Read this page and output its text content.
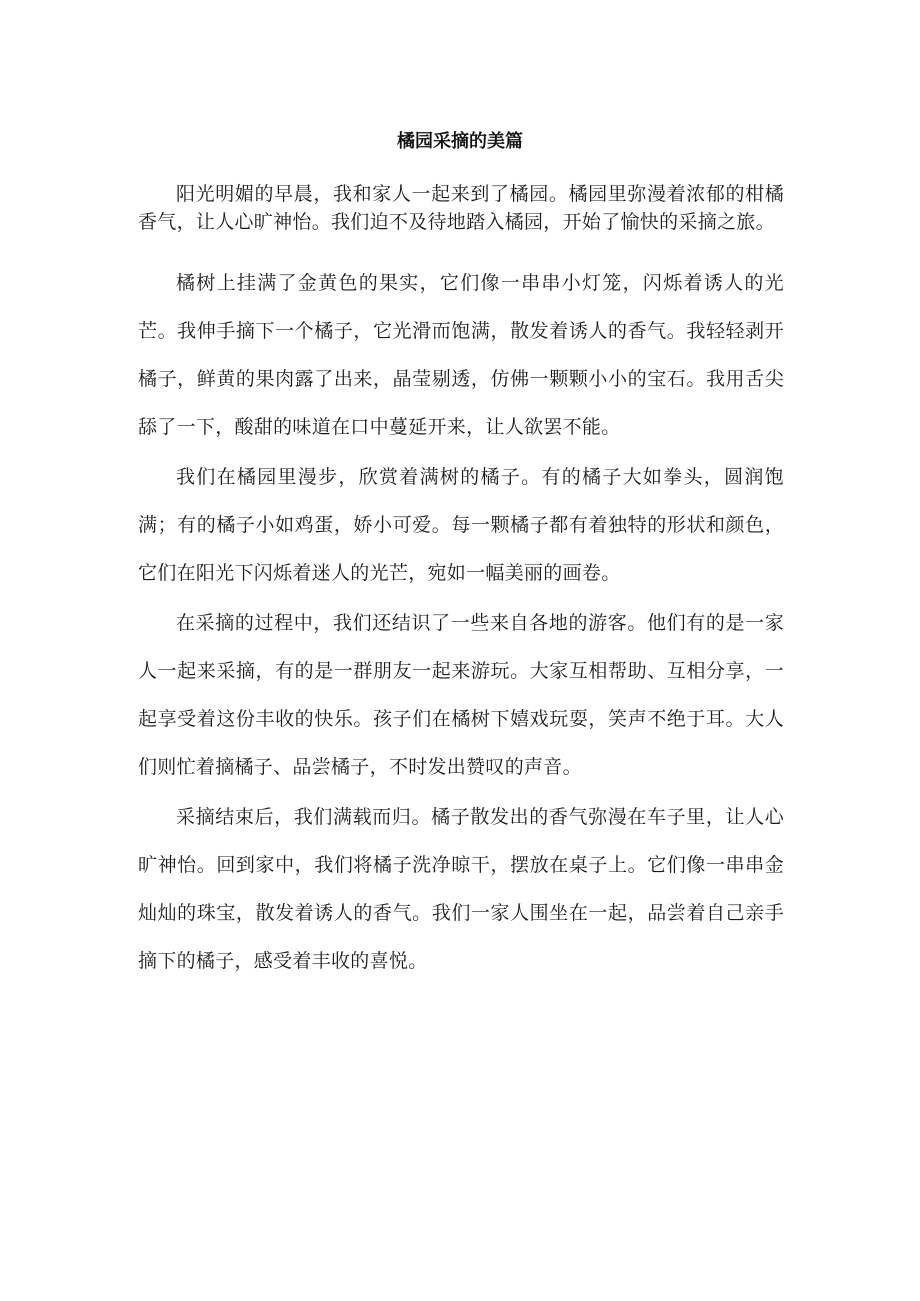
橘园采摘的美篇

阳光明媚的早晨，我和家人一起来到了橘园。橘园里弥漫着浓郁的柑橘香气，让人心旷神怡。我们迫不及待地踏入橘园，开始了愉快的采摘之旅。

橘树上挂满了金黄色的果实，它们像一串串小灯笼，闪烁着诱人的光芒。我伸手摘下一个橘子，它光滑而饱满，散发着诱人的香气。我轻轻剥开橘子，鲜黄的果肉露了出来，晶莹剔透，仿佛一颗颗小小的宝石。我用舌尖舔了一下，酸甜的味道在口中蔓延开来，让人欲罢不能。

我们在橘园里漫步，欣赏着满树的橘子。有的橘子大如拳头，圆润饱满；有的橘子小如鸡蛋，娇小可爱。每一颗橘子都有着独特的形状和颜色，它们在阳光下闪烁着迷人的光芒，宛如一幅美丽的画卷。

在采摘的过程中，我们还结识了一些来自各地的游客。他们有的是一家人一起来采摘，有的是一群朋友一起来游玩。大家互相帮助、互相分享，一起享受着这份丰收的快乐。孩子们在橘树下嬉戏玩耍，笑声不绝于耳。大人们则忙着摘橘子、品尝橘子，不时发出赞叹的声音。

采摘结束后，我们满载而归。橘子散发出的香气弥漫在车子里，让人心旷神怡。回到家中，我们将橘子洗净晾干，摆放在桌子上。它们像一串串金灿灿的珠宝，散发着诱人的香气。我们一家人围坐在一起，品尝着自己亲手摘下的橘子，感受着丰收的喜悦。
